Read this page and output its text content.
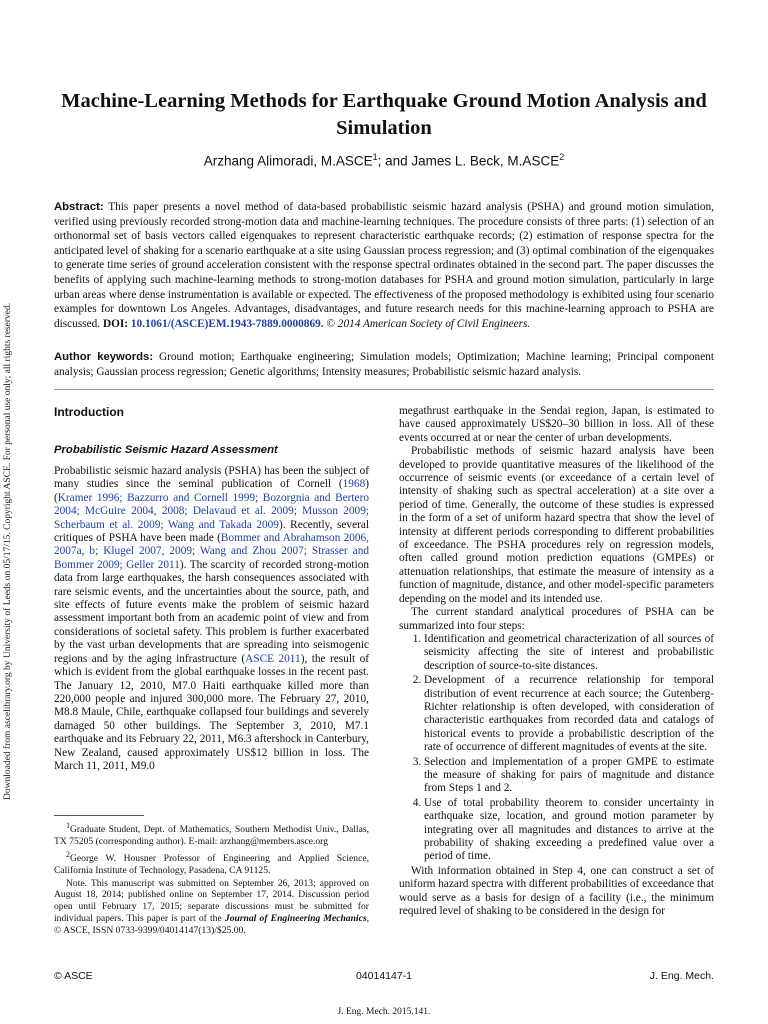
Downloaded from ascelibrary.org by University of Leeds on 05/17/15. Copyright ASCE. For personal use only; all rights reserved.
Machine-Learning Methods for Earthquake Ground Motion Analysis and Simulation
Arzhang Alimoradi, M.ASCE$^1$; and James L. Beck, M.ASCE$^2$
Abstract: This paper presents a novel method of data-based probabilistic seismic hazard analysis (PSHA) and ground motion simulation, verified using previously recorded strong-motion data and machine-learning techniques. The procedure consists of three parts: (1) selection of an orthonormal set of basis vectors called eigenquakes to represent characteristic earthquake records; (2) estimation of response spectra for the anticipated level of shaking for a scenario earthquake at a site using Gaussian process regression; and (3) optimal combination of the eigenquakes to generate time series of ground acceleration consistent with the response spectral ordinates obtained in the second part. The paper discusses the benefits of applying such machine-learning methods to strong-motion databases for PSHA and ground motion simulation, particularly in large urban areas where dense instrumentation is available or expected. The effectiveness of the proposed methodology is exhibited using four scenario examples for downtown Los Angeles. Advantages, disadvantages, and future research needs for this machine-learning approach to PSHA are discussed. DOI: 10.1061/(ASCE)EM.1943-7889.0000869. © 2014 American Society of Civil Engineers.
Author keywords: Ground motion; Earthquake engineering; Simulation models; Optimization; Machine learning; Principal component analysis; Gaussian process regression; Genetic algorithms; Intensity measures; Probabilistic seismic hazard analysis.
Introduction
Probabilistic Seismic Hazard Assessment

Probabilistic seismic hazard analysis (PSHA) has been the subject of many studies since the seminal publication of Cornell (1968) (Kramer 1996; Bazzurro and Cornell 1999; Bozorgnia and Bertero 2004; McGuire 2004, 2008; Delavaud et al. 2009; Musson 2009; Scherbaum et al. 2009; Wang and Takada 2009). Recently, several critiques of PSHA have been made (Bommer and Abrahamson 2006, 2007a, b; Klugel 2007, 2009; Wang and Zhou 2007; Strasser and Bommer 2009; Geller 2011). The scarcity of recorded strong-motion data from large earthquakes, the harsh consequences associated with rare seismic events, and the uncertainties about the source, path, and site effects of future events make the problem of seismic hazard assessment important both from an academic point of view and from considerations of societal safety. This problem is further exacerbated by the vast urban developments that are spreading into seismogenic regions and by the aging infrastructure (ASCE 2011), the result of which is evident from the global earthquake losses in the recent past. The January 12, 2010, M7.0 Haiti earthquake killed more than 220,000 people and injured 300,000 more. The February 27, 2010, M8.8 Maule, Chile, earthquake collapsed four buildings and severely damaged 50 other buildings. The September 3, 2010, M7.1 earthquake and its February 22, 2011, M6.3 aftershock in Canterbury, New Zealand, caused approximately US$12 billion in loss. The March 11, 2011, M9.0

$^1$Graduate Student, Dept. of Mathematics, Southern Methodist Univ., Dallas, TX 75205 (corresponding author). E-mail: arzhang@members.asce.org

$^2$George W. Housner Professor of Engineering and Applied Science, California Institute of Technology, Pasadena, CA 91125.

Note. This manuscript was submitted on September 26, 2013; approved on August 18, 2014; published online on September 17, 2014. Discussion period open until February 17, 2015; separate discussions must be submitted for individual papers. This paper is part of the Journal of Engineering Mechanics, © ASCE, ISSN 0733-9399/04014147(13)/$25.00.

megathrust earthquake in the Sendai region, Japan, is estimated to have caused approximately US$20–30 billion in loss. All of these events occurred at or near the center of urban developments.

Probabilistic methods of seismic hazard analysis have been developed to provide quantitative measures of the likelihood of the occurrence of seismic events (or exceedance of a certain level of intensity of shaking such as spectral acceleration) at a site over a period of time. Generally, the outcome of these studies is expressed in the form of a set of uniform hazard spectra that show the level of intensity at different periods corresponding to different probabilities of exceedance. The PSHA procedures rely on regression models, often called ground motion prediction equations (GMPEs) or attenuation relationships, that estimate the measure of intensity as a function of magnitude, distance, and other model-specific parameters depending on the model and its intended use.

The current standard analytical procedures of PSHA can be summarized into four steps:

1. Identification and geometrical characterization of all sources of seismicity affecting the site of interest and probabilistic description of source-to-site distances.
2. Development of a recurrence relationship for temporal distribution of event recurrence at each source; the Gutenberg-Richter relationship is often developed, with consideration of characteristic earthquakes from recorded data and catalogs of historical events to provide a probabilistic description of the rate of occurrence of different magnitudes of events at the site.
3. Selection and implementation of a proper GMPE to estimate the measure of shaking for pairs of magnitude and distance from Steps 1 and 2.
4. Use of total probability theorem to consider uncertainty in earthquake size, location, and ground motion parameter by integrating over all magnitudes and distances to arrive at the probability of shaking exceeding a predefined value over a period of time.

With information obtained in Step 4, one can construct a set of uniform hazard spectra with different probabilities of exceedance that would serve as a basis for design of a facility (i.e., the minimum required level of shaking to be considered in the design for

© ASCE	04014147-1	J. Eng. Mech.
J. Eng. Mech. 2015.141.
